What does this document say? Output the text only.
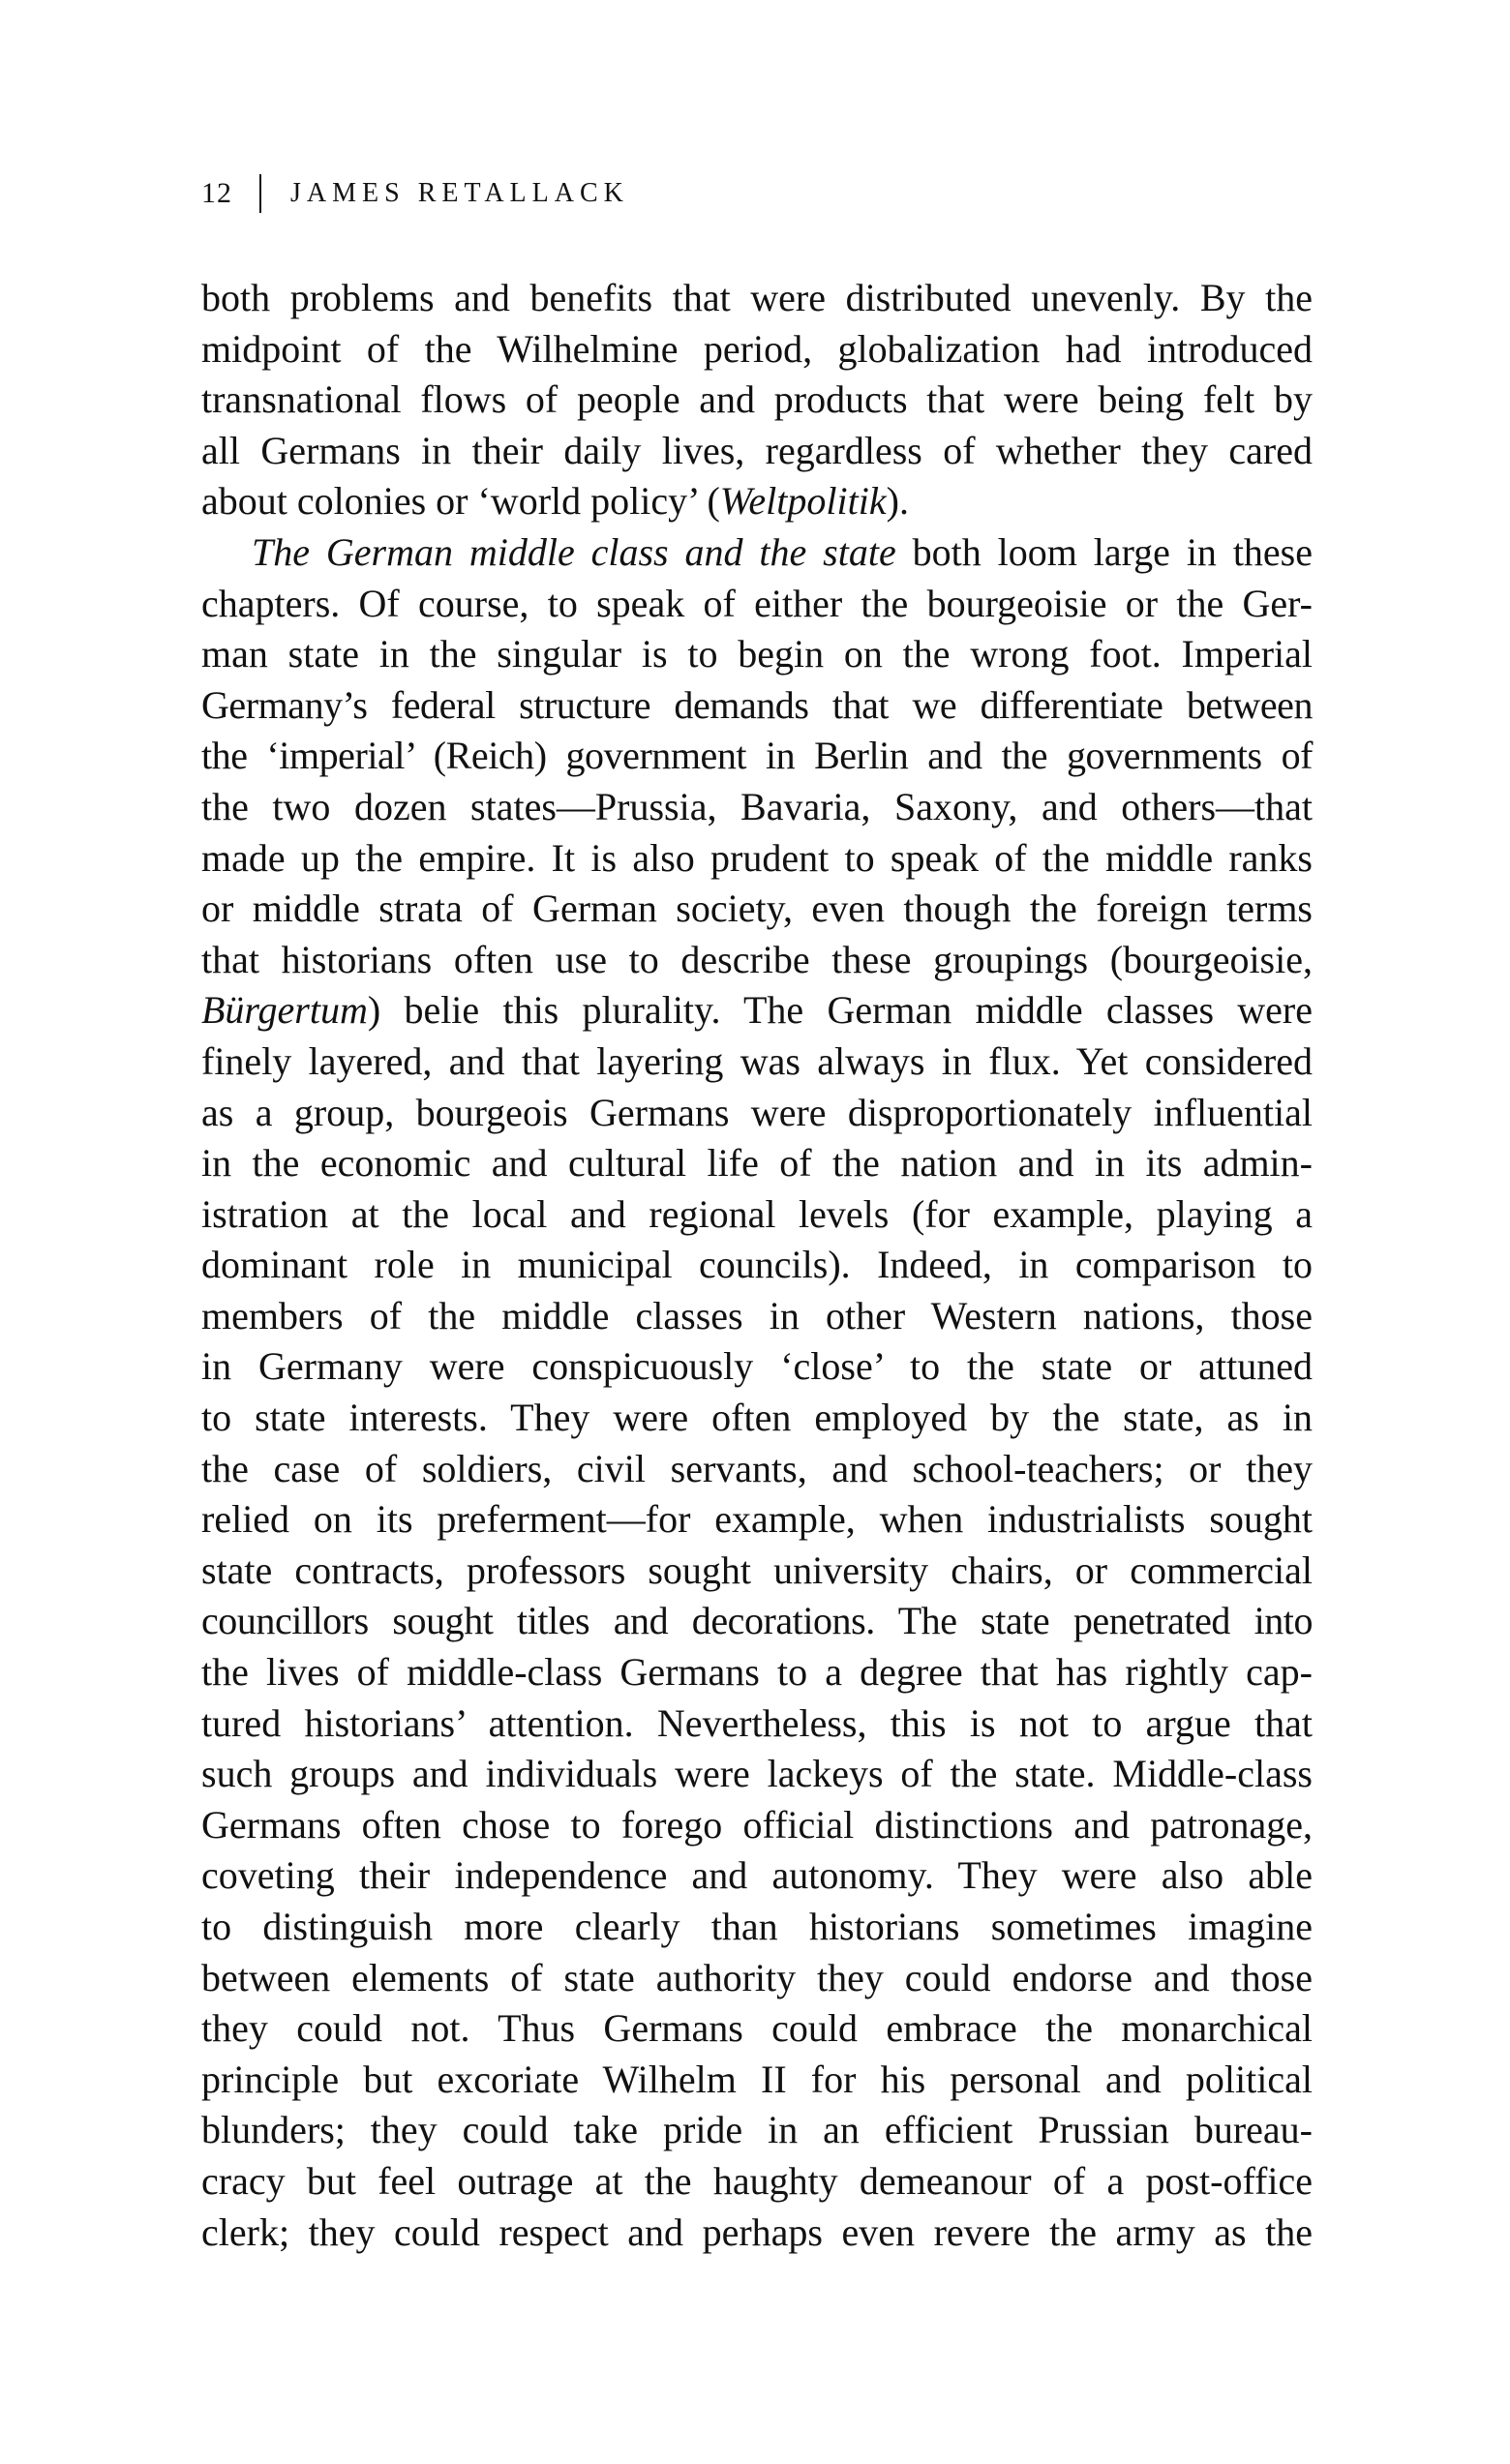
12 JAMES RETALLACK
both problems and benefits that were distributed unevenly. By the
midpoint of the Wilhelmine period, globalization had introduced
transnational flows of people and products that were being felt by
all Germans in their daily lives, regardless of whether they cared
about colonies or ‘world policy’ (Weltpolitik).
The German middle class and the state both loom large in these
chapters. Of course, to speak of either the bourgeoisie or the Ger-
man state in the singular is to begin on the wrong foot. Imperial
Germany’s federal structure demands that we differentiate between
the ‘imperial’ (Reich) government in Berlin and the governments of
the two dozen states—Prussia, Bavaria, Saxony, and others—that
made up the empire. It is also prudent to speak of the middle ranks
or middle strata of German society, even though the foreign terms
that historians often use to describe these groupings (bourgeoisie,
Bürgertum) belie this plurality. The German middle classes were
finely layered, and that layering was always in flux. Yet considered
as a group, bourgeois Germans were disproportionately influential
in the economic and cultural life of the nation and in its admin-
istration at the local and regional levels (for example, playing a
dominant role in municipal councils). Indeed, in comparison to
members of the middle classes in other Western nations, those
in Germany were conspicuously ‘close’ to the state or attuned
to state interests. They were often employed by the state, as in
the case of soldiers, civil servants, and school-teachers; or they
relied on its preferment—for example, when industrialists sought
state contracts, professors sought university chairs, or commercial
councillors sought titles and decorations. The state penetrated into
the lives of middle-class Germans to a degree that has rightly cap-
tured historians’ attention. Nevertheless, this is not to argue that
such groups and individuals were lackeys of the state. Middle-class
Germans often chose to forego official distinctions and patronage,
coveting their independence and autonomy. They were also able
to distinguish more clearly than historians sometimes imagine
between elements of state authority they could endorse and those
they could not. Thus Germans could embrace the monarchical
principle but excoriate Wilhelm II for his personal and political
blunders; they could take pride in an efficient Prussian bureau-
cracy but feel outrage at the haughty demeanour of a post-office
clerk; they could respect and perhaps even revere the army as the
